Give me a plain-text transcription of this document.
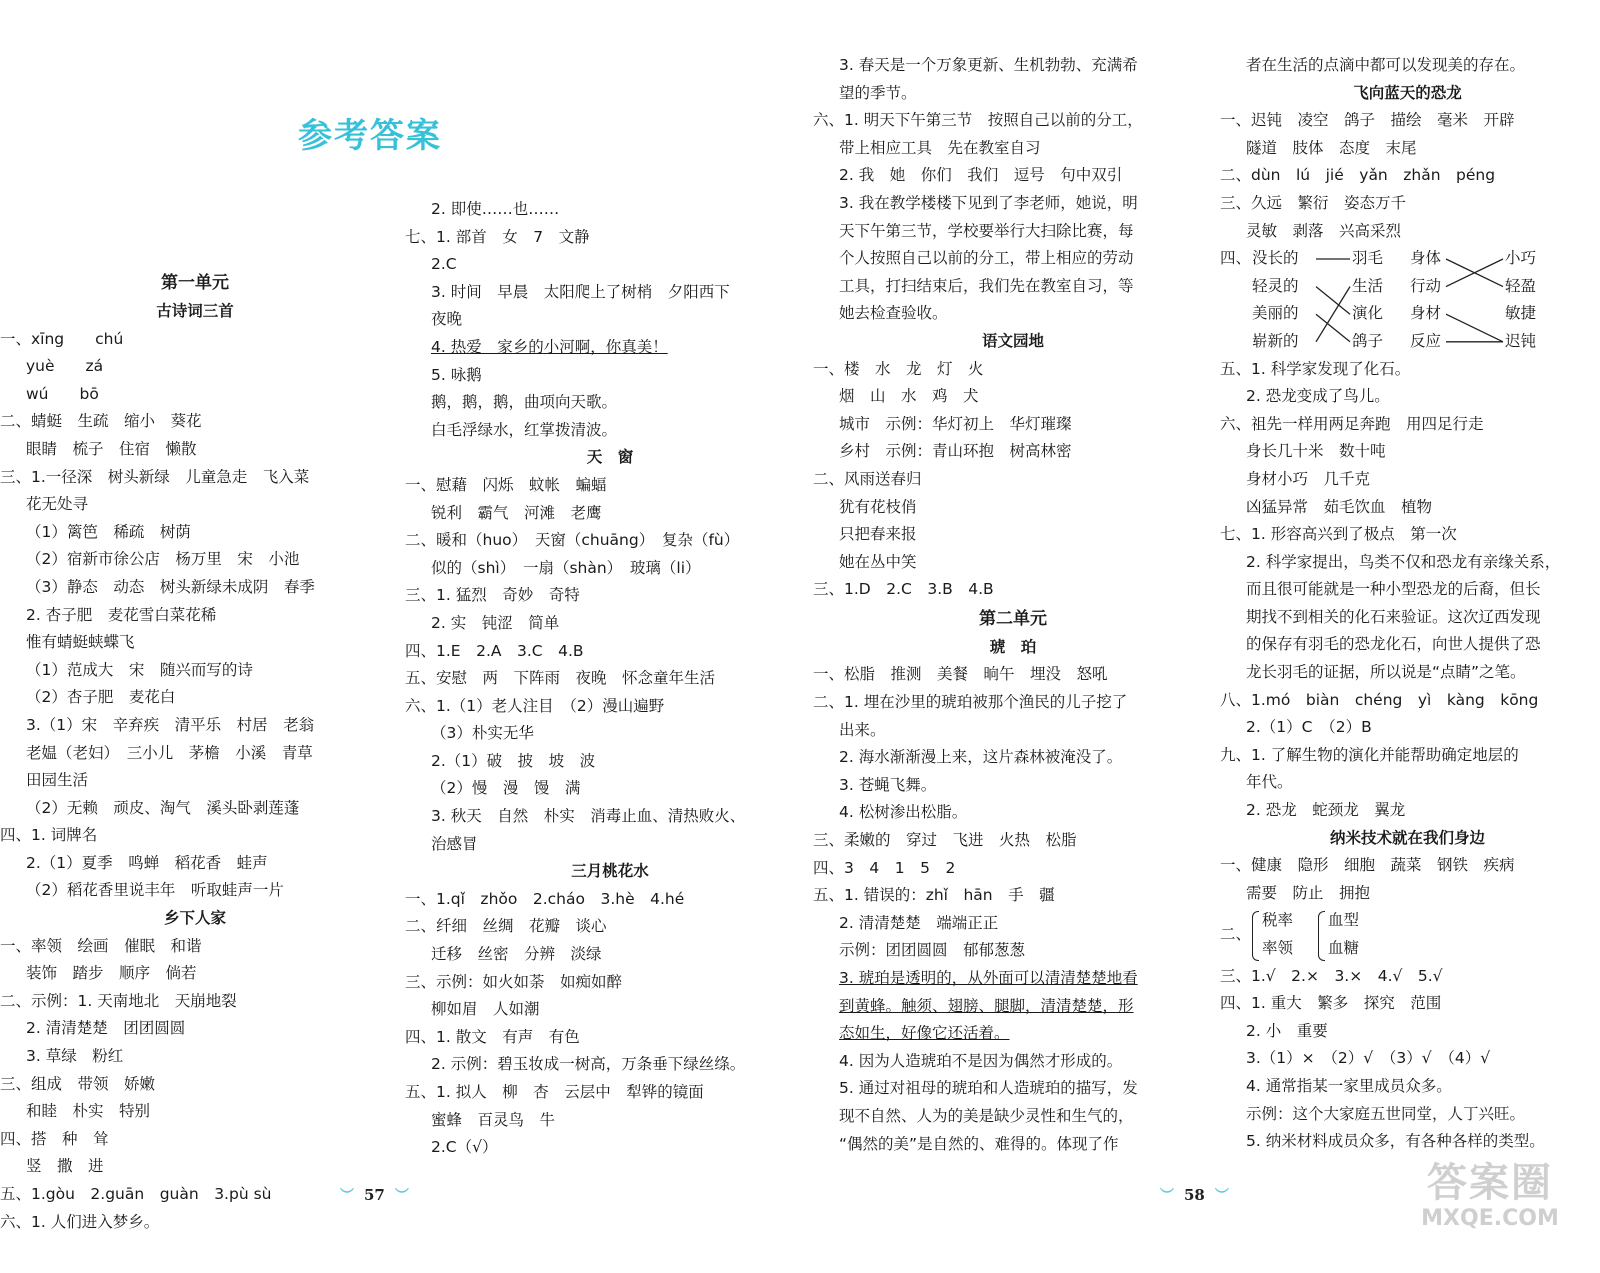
参考答案
第一单元
古诗词三首
一、xīng　　chú
yuè　　zá
wú　　bō
二、蜻蜓　生疏　缩小　葵花
眼睛　梳子　住宿　懒散
三、1.一径深　树头新绿　儿童急走　飞入菜
花无处寻
（1）篱笆　稀疏　树荫
（2）宿新市徐公店　杨万里　宋　小池
（3）静态　动态　树头新绿未成阴　春季
2. 杏子肥　麦花雪白菜花稀
惟有蜻蜓蛱蝶飞
（1）范成大　宋　随兴而写的诗
（2）杏子肥　麦花白
3.（1）宋　辛弃疾　清平乐　村居　老翁
老媪（老妇）　三小儿　茅檐　小溪　青草
田园生活
（2）无赖　顽皮、淘气　溪头卧剥莲蓬
四、1. 词牌名
2.（1）夏季　鸣蝉　稻花香　蛙声
（2）稻花香里说丰年　听取蛙声一片
乡下人家
一、率领　绘画　催眠　和谐
装饰　踏步　顺序　倘若
二、示例：1. 天南地北　天崩地裂
2. 清清楚楚　团团圆圆
3. 草绿　粉红
三、组成　带领　娇嫩
和睦　朴实　特别
四、搭　种　耸
竖　撒　进
五、1.gòu　2.guān　guàn　3.pù sù
六、1. 人们进入梦乡。
2. 即使……也……
七、1. 部首　女　7　文静
2.C
3. 时间　早晨　太阳爬上了树梢　夕阳西下
夜晚
4. 热爱　家乡的小河啊，你真美！
5. 咏鹅
鹅，鹅，鹅，曲项向天歌。
白毛浮绿水，红掌拨清波。
天　窗
一、慰藉　闪烁　蚊帐　蝙蝠
锐利　霸气　河滩　老鹰
二、暖和（huo）　天窗（chuāng）　复杂（fù）
似的（shì）　一扇（shàn）　玻璃（li）
三、1. 猛烈　奇妙　奇特
2. 实　钝涩　简单
四、1.E　2.A　3.C　4.B
五、安慰　两　下阵雨　夜晚　怀念童年生活
六、1.（1）老人注目　（2）漫山遍野
（3）朴实无华
2.（1）破　披　坡　波
（2）慢　漫　馒　满
3. 秋天　自然　朴实　消毒止血、清热败火、
治感冒
三月桃花水
一、1.qǐ　zhǒo　2.cháo　3.hè　4.hé
二、纤细　丝绸　花瓣　谈心
迁移　丝密　分辨　淡绿
三、示例：如火如荼　如痴如醉
柳如眉　人如潮
四、1. 散文　有声　有色
2. 示例：碧玉妆成一树高，万条垂下绿丝绦。
五、1. 拟人　柳　杏　云层中　犁铧的镜面
蜜蜂　百灵鸟　牛
2.C（√）
3. 春天是一个万象更新、生机勃勃、充满希
望的季节。
六、1. 明天下午第三节　按照自己以前的分工，
带上相应工具　先在教室自习
2. 我　她　你们　我们　逗号　句中双引
3. 我在教学楼楼下见到了李老师，她说，明
天下午第三节，学校要举行大扫除比赛，每
个人按照自己以前的分工，带上相应的劳动
工具，打扫结束后，我们先在教室自习，等
她去检查验收。
语文园地
一、楼　水　龙　灯　火
烟　山　水　鸡　犬
城市　示例：华灯初上　华灯璀璨
乡村　示例：青山环抱　树高林密
二、风雨送春归
犹有花枝俏
只把春来报
她在丛中笑
三、1.D　2.C　3.B　4.B
第二单元
琥　珀
一、松脂　推测　美餐　晌午　埋没　怒吼
二、1. 埋在沙里的琥珀被那个渔民的儿子挖了
出来。
2. 海水渐渐漫上来，这片森林被淹没了。
3. 苍蝇飞舞。
4. 松树渗出松脂。
三、柔嫩的　穿过　飞进　火热　松脂
四、3　4　1　5　2
五、1. 错误的：zhǐ　hān　手　疆
2. 清清楚楚　端端正正
示例：团团圆圆　郁郁葱葱
3. 琥珀是透明的，从外面可以清清楚楚地看
到黄蜂。触须、翅膀、腿脚，清清楚楚，形
态如生，好像它还活着。
4. 因为人造琥珀不是因为偶然才形成的。
5. 通过对祖母的琥珀和人造琥珀的描写，发
现不自然、人为的美是缺少灵性和生气的，
“偶然的美”是自然的、难得的。体现了作
者在生活的点滴中都可以发现美的存在。
飞向蓝天的恐龙
一、迟钝　凌空　鸽子　描绘　毫米　开辟
隧道　肢体　态度　末尾
二、dùn　lú　jié　yǎn　zhǎn　péng
三、久远　繁衍　姿态万千
灵敏　剥落　兴高采烈
四、 没长的
轻灵的
美丽的
崭新的
羽毛
生活
演化
鸽子
身体
行动
身材
反应
小巧
轻盈
敏捷
迟钝
五、1. 科学家发现了化石。
2. 恐龙变成了鸟儿。
六、祖先一样用两足奔跑　用四足行走
身长几十米　数十吨
身材小巧　几千克
凶猛异常　茹毛饮血　植物
七、1. 形容高兴到了极点　第一次
2. 科学家提出，鸟类不仅和恐龙有亲缘关系，
而且很可能就是一种小型恐龙的后裔，但长
期找不到相关的化石来验证。这次辽西发现
的保存有羽毛的恐龙化石，向世人提供了恐
龙长羽毛的证据，所以说是“点睛”之笔。
八、1.mó　biàn　chéng　yì　kàng　kōng
2.（1）C　（2）B
九、1. 了解生物的演化并能帮助确定地层的
年代。
2. 恐龙　蛇颈龙　翼龙
纳米技术就在我们身边
一、健康　隐形　细胞　蔬菜　钢铁　疾病
需要　防止　拥抱
二、
税率
率领
血型
血糖
三、1.√　2.×　3.×　4.√　5.√
四、1. 重大　繁多　探究　范围
2. 小　重要
3.（1）×　（2）√　（3）√　（4）√
4. 通常指某一家里成员众多。
示例：这个大家庭五世同堂，人丁兴旺。
5. 纳米材料成员众多，有各种各样的类型。
︶ 57 ︶	︶ 58 ︶	答案圈
MXQE.COM
